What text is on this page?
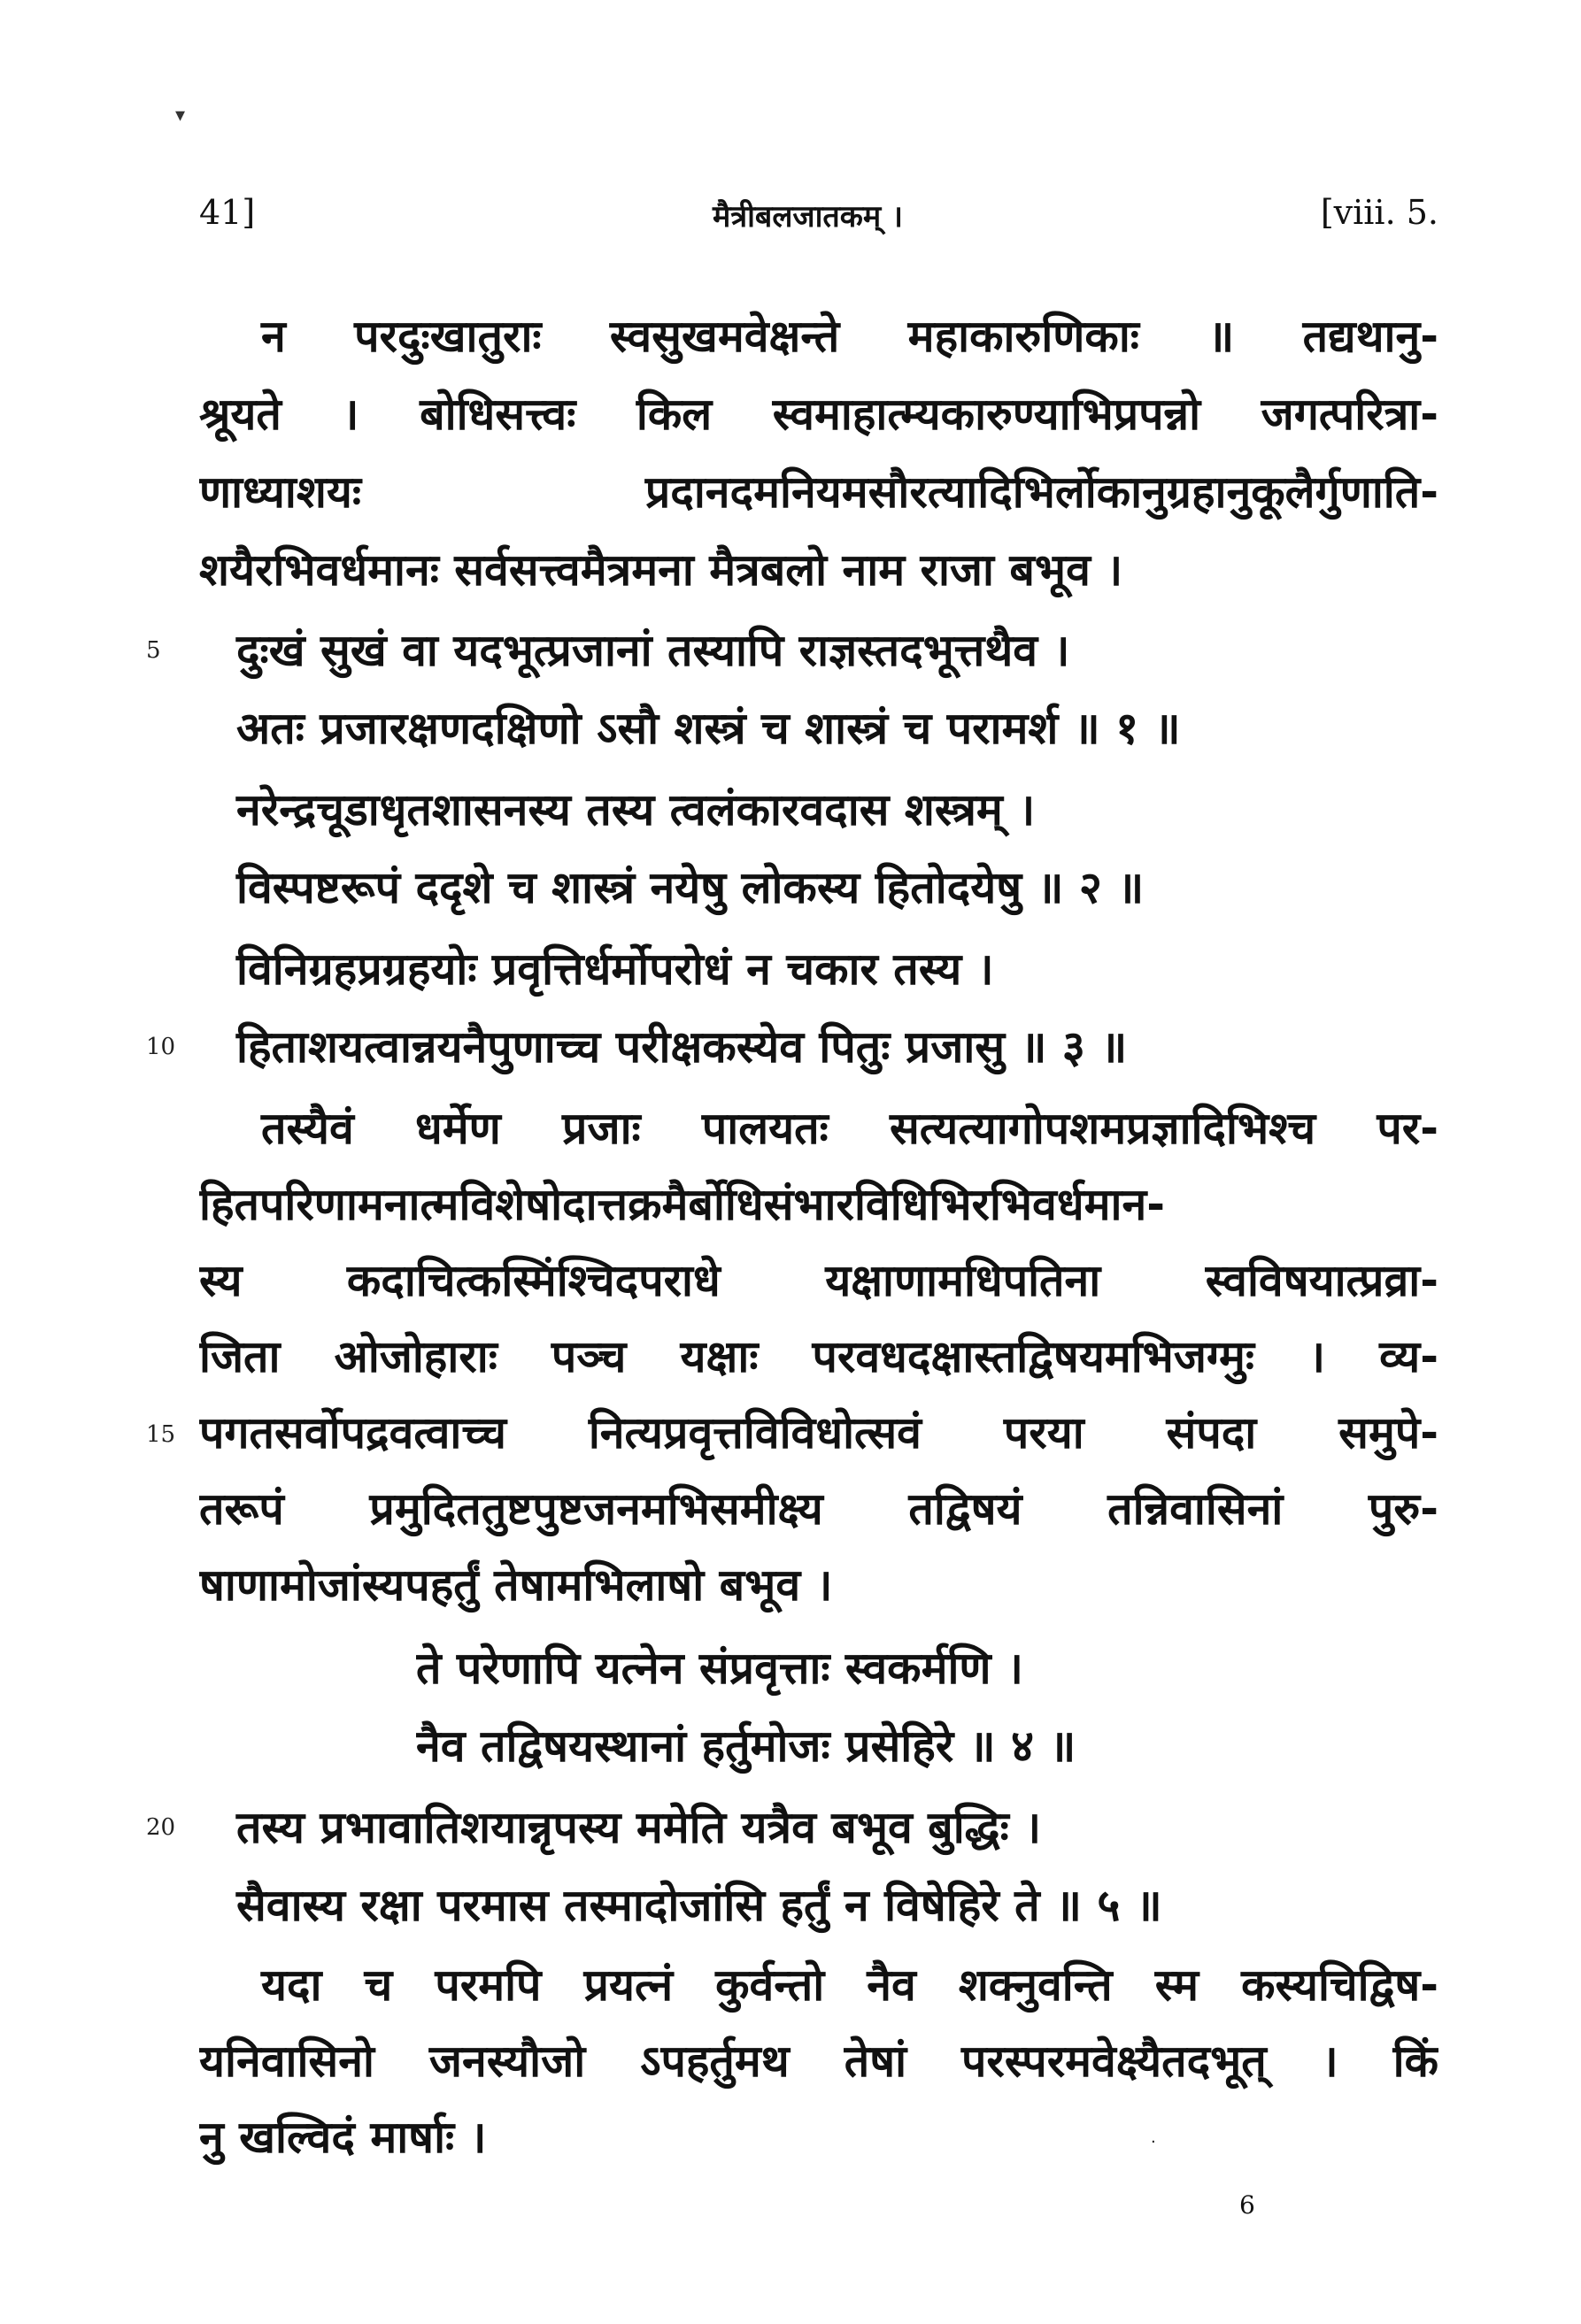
▾
41]	मैत्रीबलजातकम् ।	[viii. 5.
न परदुःखातुराः स्वसुखमवेक्षन्ते महाकारुणिकाः ॥ तद्यथानु-
श्रूयते । बोधिसत्त्वः किल स्वमाहात्म्यकारुण्याभिप्रपन्नो जगत्परित्रा-
णाध्याशयः प्रदानदमनियमसौरत्यादिभिर्लोकानुग्रहानुकूलैर्गुणाति-
शयैरभिवर्धमानः सर्वसत्त्वमैत्रमना मैत्रबलो नाम राजा बभूव ।
5	दुःखं सुखं वा यदभूत्प्रजानां तस्यापि राज्ञस्तदभूत्तथैव ।
अतः प्रजारक्षणदक्षिणो ऽसौ शस्त्रं च शास्त्रं च परामर्श ॥ १ ॥
नरेन्द्रचूडाधृतशासनस्य तस्य त्वलंकारवदास शस्त्रम् ।
विस्पष्टरूपं ददृशे च शास्त्रं नयेषु लोकस्य हितोदयेषु ॥ २ ॥
विनिग्रहप्रग्रहयोः प्रवृत्तिर्धर्मोपरोधं न चकार तस्य ।
10	हिताशयत्वान्नयनैपुणाच्च परीक्षकस्येव पितुः प्रजासु ॥ ३ ॥
तस्यैवं धर्मेण प्रजाः पालयतः सत्यत्यागोपशमप्रज्ञादिभिश्च पर-
हितपरिणामनात्मविशेषोदात्तक्रमैर्बोधिसंभारविधिभिरभिवर्धमान-
स्य कदाचित्कस्मिंश्चिदपराधे यक्षाणामधिपतिना स्वविषयात्प्रव्रा-
जिता ओजोहाराः पञ्च यक्षाः परवधदक्षास्तद्विषयमभिजग्मुः । व्य-
15 पगतसर्वोपद्रवत्वाच्च नित्यप्रवृत्तविविधोत्सवं परया संपदा समुपे-
तरूपं प्रमुदिततुष्टपुष्टजनमभिसमीक्ष्य तद्विषयं तन्निवासिनां पुरु-
षाणामोजांस्यपहर्तुं तेषामभिलाषो बभूव ।
ते परेणापि यत्नेन संप्रवृत्ताः स्वकर्मणि ।
नैव तद्विषयस्थानां हर्तुमोजः प्रसेहिरे ॥ ४ ॥
20	तस्य प्रभावातिशयान्नृपस्य ममेति यत्रैव बभूव बुद्धिः ।
सैवास्य रक्षा परमास तस्मादोजांसि हर्तुं न विषेहिरे ते ॥ ५ ॥
यदा च परमपि प्रयत्नं कुर्वन्तो नैव शक्नुवन्ति स्म कस्यचिद्विष-
यनिवासिनो जनस्यौजो ऽपहर्तुमथ तेषां परस्परमवेक्ष्यैतदभूत् । किं
नु खल्विदं मार्षाः ।	·
6
